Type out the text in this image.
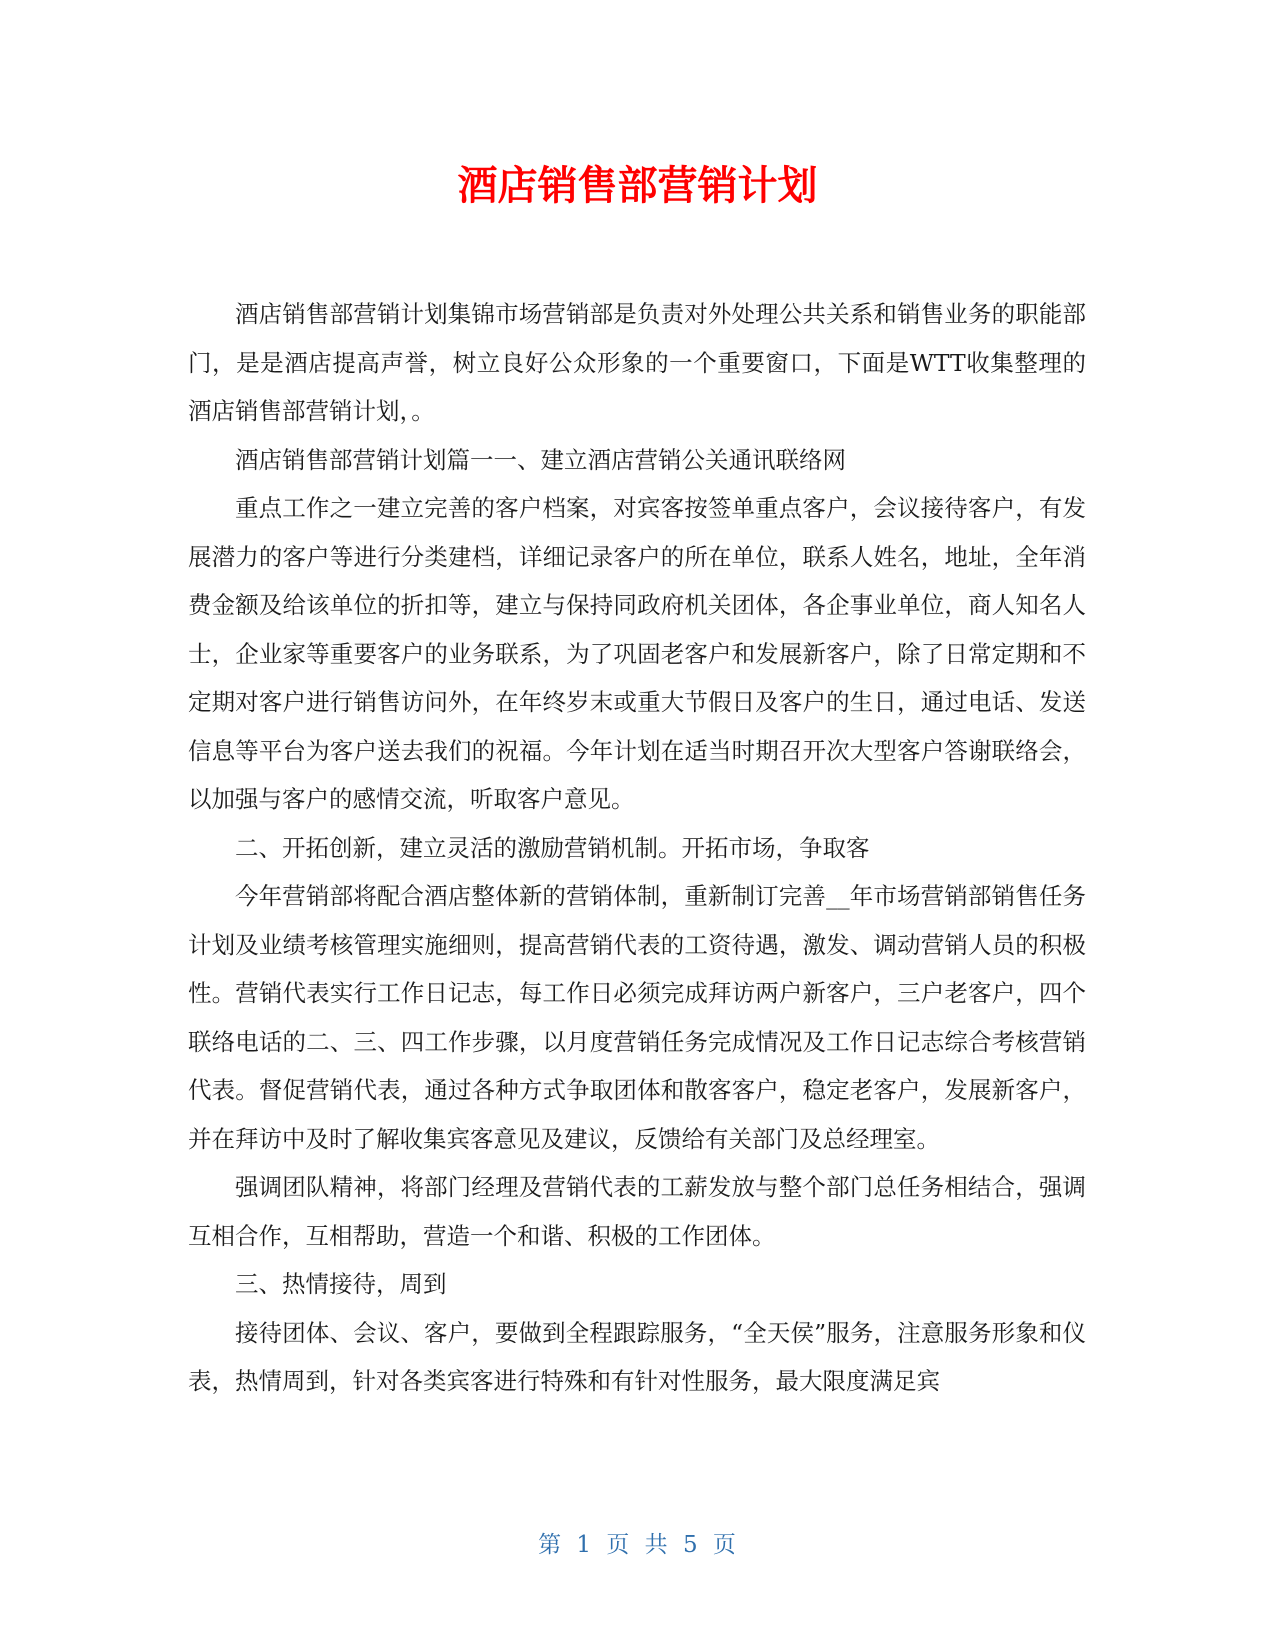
酒店销售部营销计划

酒店销售部营销计划集锦市场营销部是负责对外处理公共关系和销售业务的职能部门，是是酒店提高声誉，树立良好公众形象的一个重要窗口，下面是WTT收集整理的酒店销售部营销计划，。

酒店销售部营销计划篇一一、建立酒店营销公关通讯联络网

重点工作之一建立完善的客户档案，对宾客按签单重点客户，会议接待客户，有发展潜力的客户等进行分类建档，详细记录客户的所在单位，联系人姓名，地址，全年消费金额及给该单位的折扣等，建立与保持同政府机关团体，各企事业单位，商人知名人士，企业家等重要客户的业务联系，为了巩固老客户和发展新客户，除了日常定期和不定期对客户进行销售访问外，在年终岁末或重大节假日及客户的生日，通过电话、发送信息等平台为客户送去我们的祝福。今年计划在适当时期召开次大型客户答谢联络会，以加强与客户的感情交流，听取客户意见。

二、开拓创新，建立灵活的激励营销机制。开拓市场，争取客

今年营销部将配合酒店整体新的营销体制，重新制订完善__年市场营销部销售任务计划及业绩考核管理实施细则，提高营销代表的工资待遇，激发、调动营销人员的积极性。营销代表实行工作日记志，每工作日必须完成拜访两户新客户，三户老客户，四个联络电话的二、三、四工作步骤，以月度营销任务完成情况及工作日记志综合考核营销代表。督促营销代表，通过各种方式争取团体和散客客户，稳定老客户，发展新客户，并在拜访中及时了解收集宾客意见及建议，反馈给有关部门及总经理室。

强调团队精神，将部门经理及营销代表的工薪发放与整个部门总任务相结合，强调互相合作，互相帮助，营造一个和谐、积极的工作团体。

三、热情接待，周到

接待团体、会议、客户，要做到全程跟踪服务，“全天侯”服务，注意服务形象和仪表，热情周到，针对各类宾客进行特殊和有针对性服务，最大限度满足宾

第 1 页 共 5 页
